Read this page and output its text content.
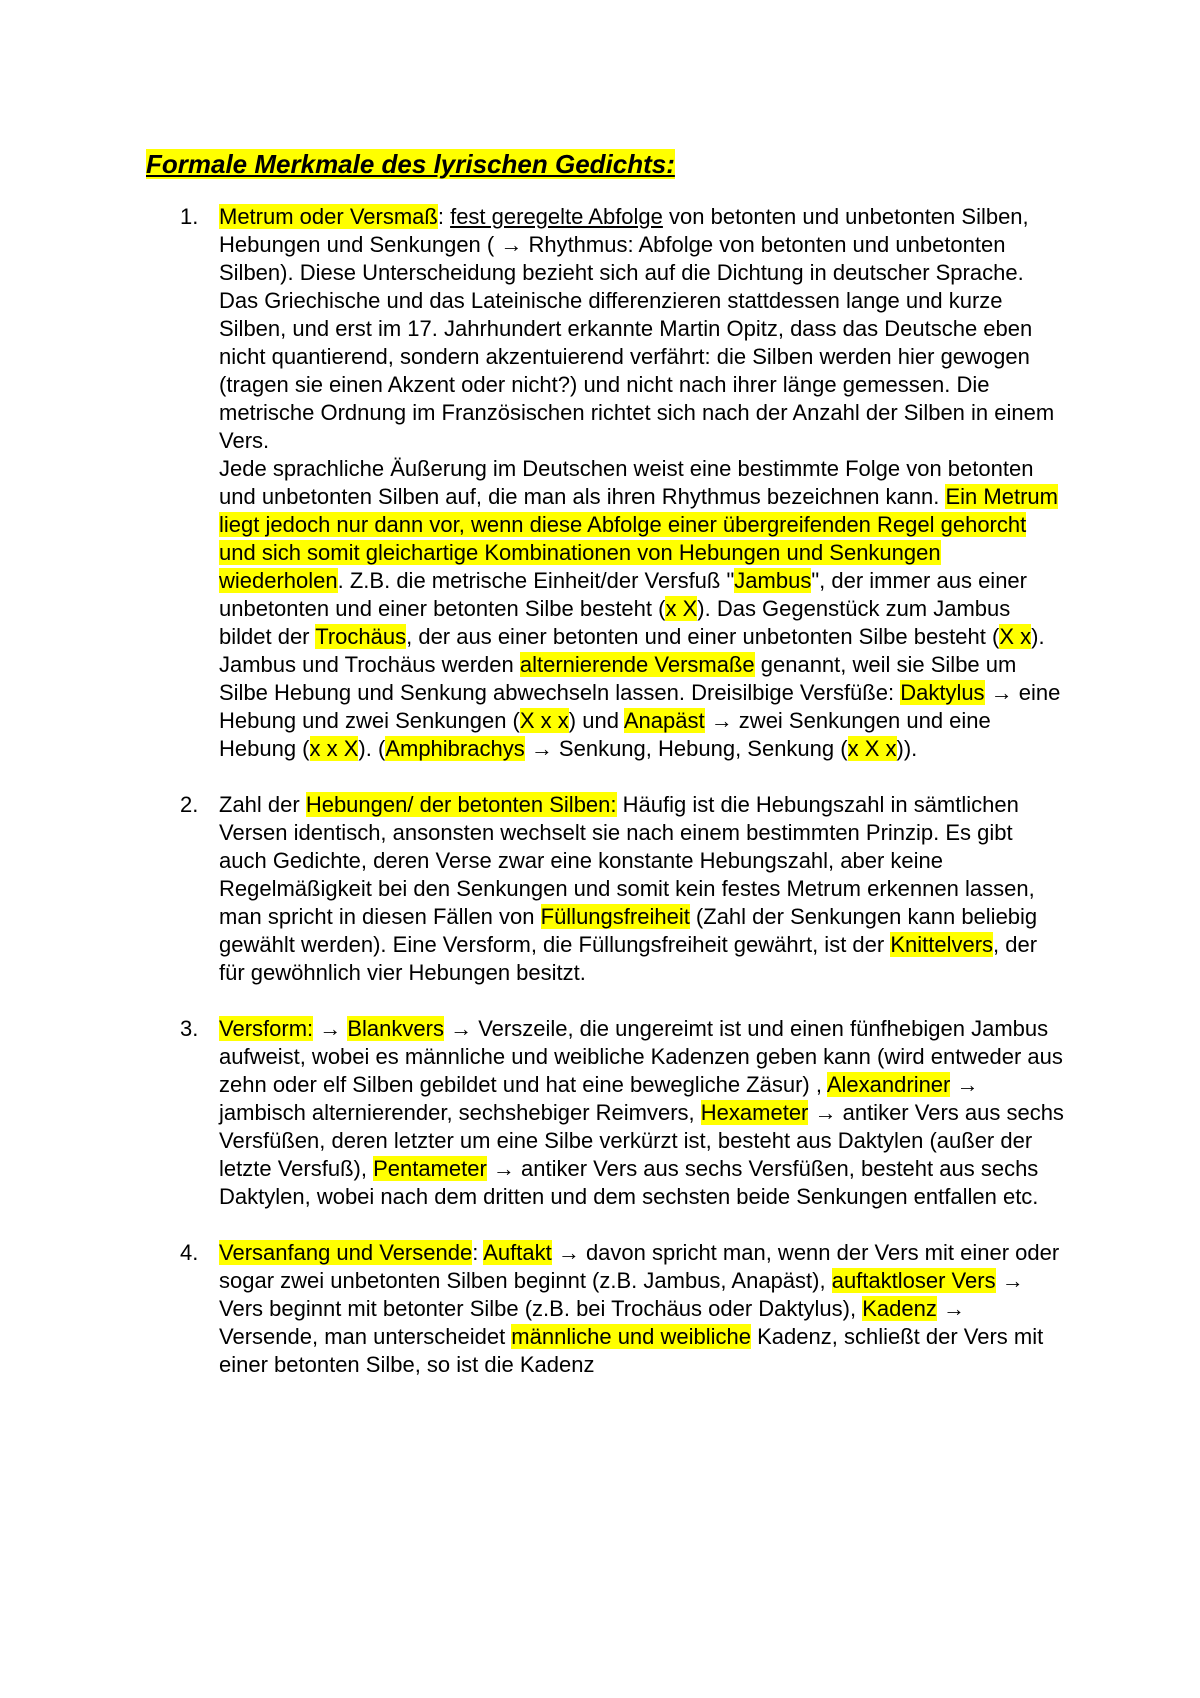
Formale Merkmale des lyrischen Gedichts:
1. Metrum oder Versmaß: fest geregelte Abfolge von betonten und unbetonten Silben, Hebungen und Senkungen ( → Rhythmus: Abfolge von betonten und unbetonten Silben). Diese Unterscheidung bezieht sich auf die Dichtung in deutscher Sprache. Das Griechische und das Lateinische differenzieren stattdessen lange und kurze Silben, und erst im 17. Jahrhundert erkannte Martin Opitz, dass das Deutsche eben nicht quantierend, sondern akzentuierend verfährt: die Silben werden hier gewogen (tragen sie einen Akzent oder nicht?) und nicht nach ihrer länge gemessen. Die metrische Ordnung im Französischen richtet sich nach der Anzahl der Silben in einem Vers.
Jede sprachliche Äußerung im Deutschen weist eine bestimmte Folge von betonten und unbetonten Silben auf, die man als ihren Rhythmus bezeichnen kann. Ein Metrum liegt jedoch nur dann vor, wenn diese Abfolge einer übergreifenden Regel gehorcht und sich somit gleichartige Kombinationen von Hebungen und Senkungen wiederholen. Z.B. die metrische Einheit/der Versfuß "Jambus", der immer aus einer unbetonten und einer betonten Silbe besteht (x X). Das Gegenstück zum Jambus bildet der Trochäus, der aus einer betonten und einer unbetonten Silbe besteht (X x). Jambus und Trochäus werden alternierende Versmaße genannt, weil sie Silbe um Silbe Hebung und Senkung abwechseln lassen. Dreisilbige Versfüße: Daktylus → eine Hebung und zwei Senkungen (X x x) und Anapäst → zwei Senkungen und eine Hebung (x x X). (Amphibrachys → Senkung, Hebung, Senkung (x X x)).

2. Zahl der Hebungen/ der betonten Silben: Häufig ist die Hebungszahl in sämtlichen Versen identisch, ansonsten wechselt sie nach einem bestimmten Prinzip. Es gibt auch Gedichte, deren Verse zwar eine konstante Hebungszahl, aber keine Regelmäßigkeit bei den Senkungen und somit kein festes Metrum erkennen lassen, man spricht in diesen Fällen von Füllungsfreiheit (Zahl der Senkungen kann beliebig gewählt werden). Eine Versform, die Füllungsfreiheit gewährt, ist der Knittelvers, der für gewöhnlich vier Hebungen besitzt.

3. Versform: → Blankvers → Verszeile, die ungereimt ist und einen fünfhebigen Jambus aufweist, wobei es männliche und weibliche Kadenzen geben kann (wird entweder aus zehn oder elf Silben gebildet und hat eine bewegliche Zäsur) , Alexandriner → jambisch alternierender, sechshebiger Reimvers, Hexameter → antiker Vers aus sechs Versfüßen, deren letzter um eine Silbe verkürzt ist, besteht aus Daktylen (außer der letzte Versfuß), Pentameter → antiker Vers aus sechs Versfüßen, besteht aus sechs Daktylen, wobei nach dem dritten und dem sechsten beide Senkungen entfallen etc.

4. Versanfang und Versende: Auftakt → davon spricht man, wenn der Vers mit einer oder sogar zwei unbetonten Silben beginnt (z.B. Jambus, Anapäst), auftaktloser Vers → Vers beginnt mit betonter Silbe (z.B. bei Trochäus oder Daktylus), Kadenz → Versende, man unterscheidet männliche und weibliche Kadenz, schließt der Vers mit einer betonten Silbe, so ist die Kadenz
